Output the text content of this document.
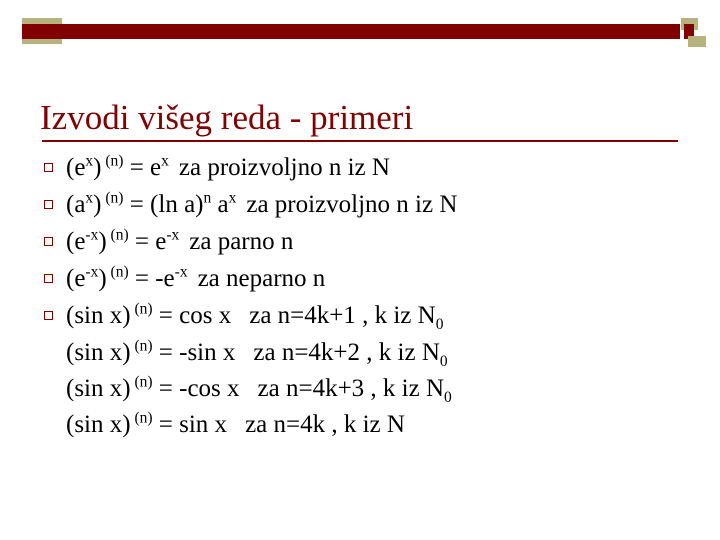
Izvodi višeg reda - primeri
$(e^x) ^{(n)} = e^x$ za proizvoljno n iz N
$(a^x) ^{(n)} = (\ln$ a)$^n$ $a^x$ za proizvoljno n iz N
$(e^{-x}) ^{(n)} = e^{-x}$ za parno n
$(e^{-x}) ^{(n)} = -e^{-x}$ za neparno n
(sin x) $^{(n)}$ = cos x za n=4k+1 , k iz $N_0$
(sin x) $^{(n)}$ = -sin x za n=4k+2 , k iz $N_0$
(sin x) $^{(n)}$ = -cos x za n=4k+3 , k iz $N_0$
(sin x) $^{(n)}$ = sin x za n=4k , k iz N
